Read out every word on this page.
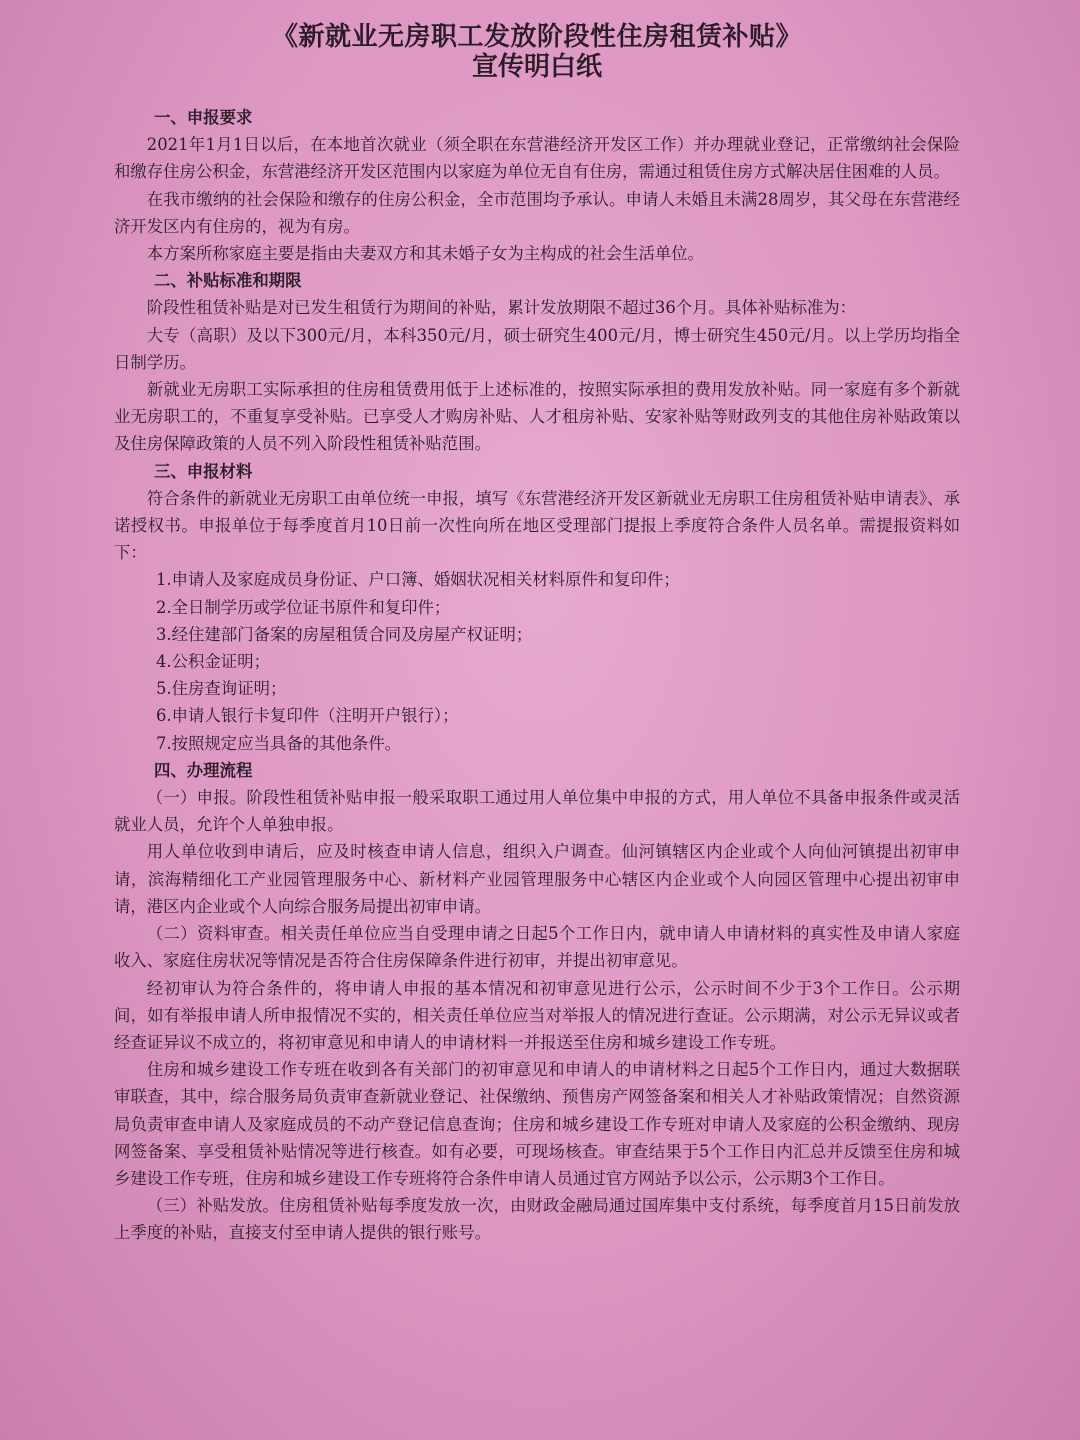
《新就业无房职工发放阶段性住房租赁补贴》
宣传明白纸

一、申报要求

2021年1月1日以后，在本地首次就业（须全职在东营港经济开发区工作）并办理就业登记，正常缴纳社会保险和缴存住房公积金，东营港经济开发区范围内以家庭为单位无自有住房，需通过租赁住房方式解决居住困难的人员。

在我市缴纳的社会保险和缴存的住房公积金，全市范围均予承认。申请人未婚且未满28周岁，其父母在东营港经济开发区内有住房的，视为有房。

本方案所称家庭主要是指由夫妻双方和其未婚子女为主构成的社会生活单位。

二、补贴标准和期限

阶段性租赁补贴是对已发生租赁行为期间的补贴，累计发放期限不超过36个月。具体补贴标准为：

大专（高职）及以下300元/月，本科350元/月，硕士研究生400元/月，博士研究生450元/月。以上学历均指全日制学历。

新就业无房职工实际承担的住房租赁费用低于上述标准的，按照实际承担的费用发放补贴。同一家庭有多个新就业无房职工的，不重复享受补贴。已享受人才购房补贴、人才租房补贴、安家补贴等财政列支的其他住房补贴政策以及住房保障政策的人员不列入阶段性租赁补贴范围。

三、申报材料

符合条件的新就业无房职工由单位统一申报，填写《东营港经济开发区新就业无房职工住房租赁补贴申请表》、承诺授权书。申报单位于每季度首月10日前一次性向所在地区受理部门提报上季度符合条件人员名单。需提报资料如下：

1.申请人及家庭成员身份证、户口簿、婚姻状况相关材料原件和复印件；

2.全日制学历或学位证书原件和复印件；

3.经住建部门备案的房屋租赁合同及房屋产权证明；

4.公积金证明；

5.住房查询证明；

6.申请人银行卡复印件（注明开户银行）；

7.按照规定应当具备的其他条件。

四、办理流程

（一）申报。阶段性租赁补贴申报一般采取职工通过用人单位集中申报的方式，用人单位不具备申报条件或灵活就业人员，允许个人单独申报。

用人单位收到申请后，应及时核查申请人信息，组织入户调查。仙河镇辖区内企业或个人向仙河镇提出初审申请，滨海精细化工产业园管理服务中心、新材料产业园管理服务中心辖区内企业或个人向园区管理中心提出初审申请，港区内企业或个人向综合服务局提出初审申请。

（二）资料审查。相关责任单位应当自受理申请之日起5个工作日内，就申请人申请材料的真实性及申请人家庭收入、家庭住房状况等情况是否符合住房保障条件进行初审，并提出初审意见。

经初审认为符合条件的，将申请人申报的基本情况和初审意见进行公示，公示时间不少于3个工作日。公示期间，如有举报申请人所申报情况不实的，相关责任单位应当对举报人的情况进行查证。公示期满，对公示无异议或者经查证异议不成立的，将初审意见和申请人的申请材料一并报送至住房和城乡建设工作专班。

住房和城乡建设工作专班在收到各有关部门的初审意见和申请人的申请材料之日起5个工作日内，通过大数据联审联查，其中，综合服务局负责审查新就业登记、社保缴纳、预售房产网签备案和相关人才补贴政策情况；自然资源局负责审查申请人及家庭成员的不动产登记信息查询；住房和城乡建设工作专班对申请人及家庭的公积金缴纳、现房网签备案、享受租赁补贴情况等进行核查。如有必要，可现场核查。审查结果于5个工作日内汇总并反馈至住房和城乡建设工作专班，住房和城乡建设工作专班将符合条件申请人员通过官方网站予以公示，公示期3个工作日。

（三）补贴发放。住房租赁补贴每季度发放一次，由财政金融局通过国库集中支付系统，每季度首月15日前发放上季度的补贴，直接支付至申请人提供的银行账号。
